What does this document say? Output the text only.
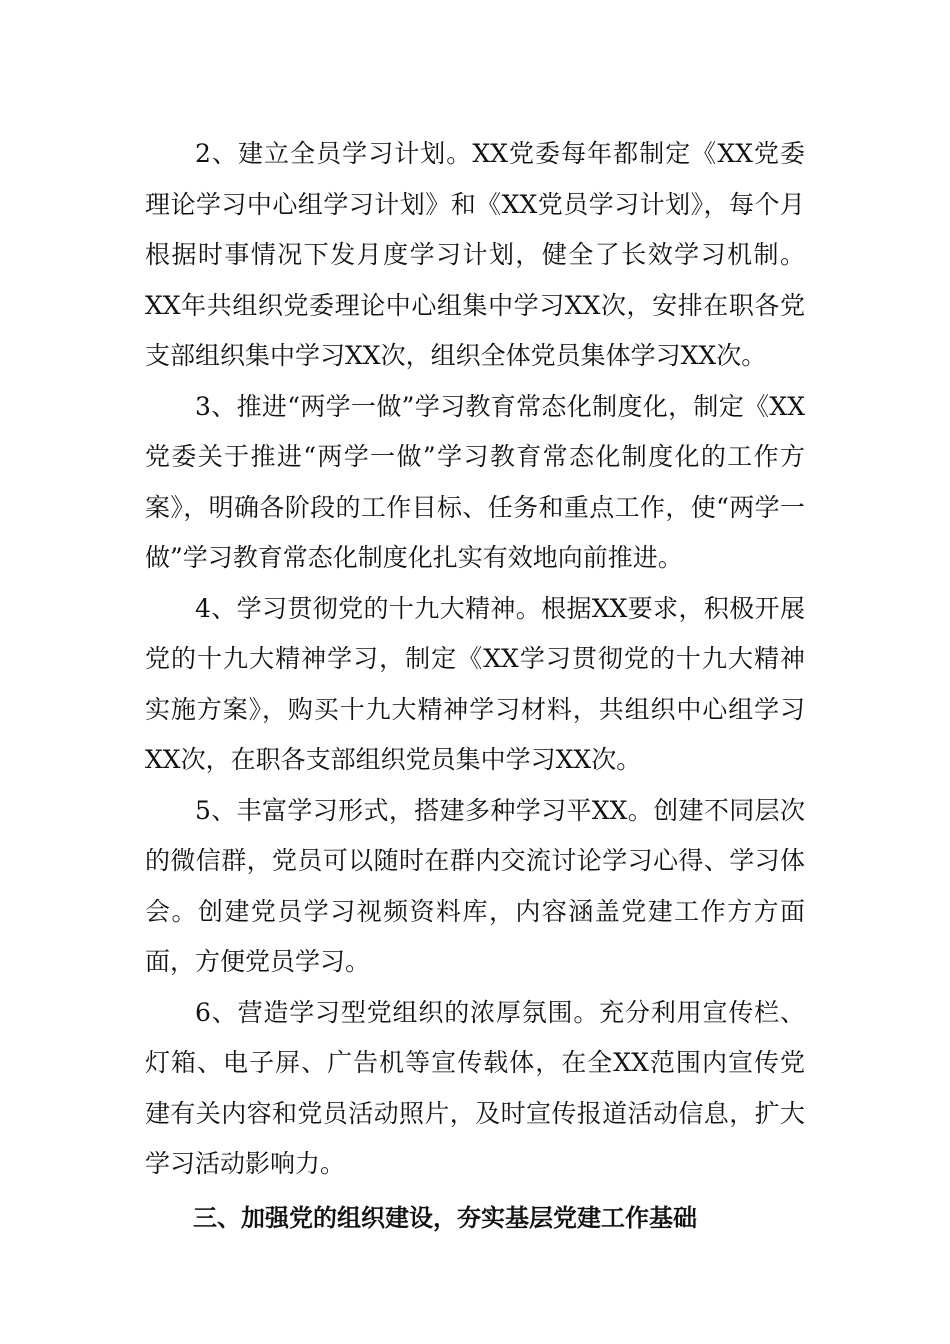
2、建立全员学习计划。XX党委每年都制定《XX党委理论学习中心组学习计划》和《XX党员学习计划》，每个月根据时事情况下发月度学习计划，健全了长效学习机制。XX年共组织党委理论中心组集中学习XX次，安排在职各党支部组织集中学习XX次，组织全体党员集体学习XX次。

3、推进“两学一做”学习教育常态化制度化，制定《XX党委关于推进“两学一做”学习教育常态化制度化的工作方案》，明确各阶段的工作目标、任务和重点工作，使“两学一做”学习教育常态化制度化扎实有效地向前推进。

4、学习贯彻党的十九大精神。根据XX要求，积极开展党的十九大精神学习，制定《XX学习贯彻党的十九大精神实施方案》，购买十九大精神学习材料，共组织中心组学习XX次，在职各支部组织党员集中学习XX次。

5、丰富学习形式，搭建多种学习平XX。创建不同层次的微信群，党员可以随时在群内交流讨论学习心得、学习体会。创建党员学习视频资料库，内容涵盖党建工作方方面面，方便党员学习。

6、营造学习型党组织的浓厚氛围。充分利用宣传栏、灯箱、电子屏、广告机等宣传载体，在全XX范围内宣传党建有关内容和党员活动照片，及时宣传报道活动信息，扩大学习活动影响力。

三、加强党的组织建设，夯实基层党建工作基础
